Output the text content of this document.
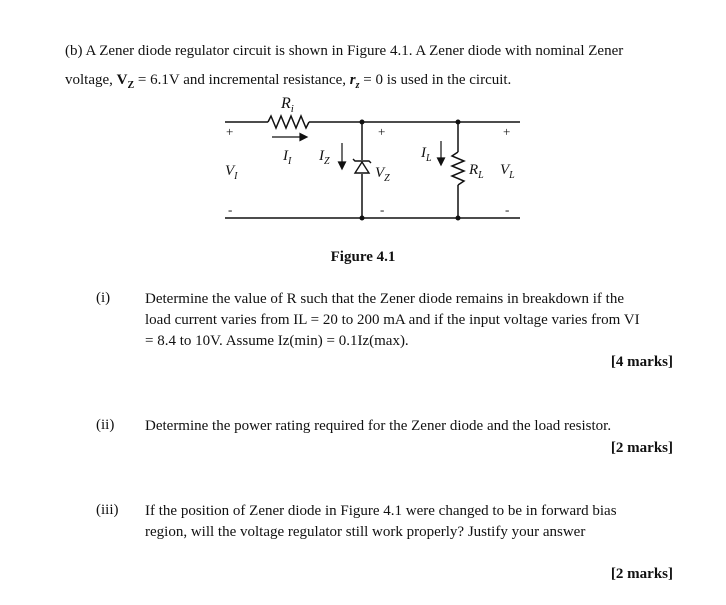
(b) A Zener diode regulator circuit is shown in Figure 4.1. A Zener diode with nominal Zener
voltage, $V_Z = 6.1V$ and incremental resistance, $r_z = 0$ is used in the circuit.
$R_i$
$I_I$ $I_Z$
$I_L$
$V_I$	$V_Z$
$R_L$ $V_L$
+	+	+
-	-	-
Figure 4.1
(i) Determine the value of R such that the Zener diode remains in breakdown if the
load current varies from IL = 20 to 200 mA and if the input voltage varies from VI
= 8.4 to 10V. Assume Iz(min) = 0.1Iz(max).
[4 marks]
(ii) Determine the power rating required for the Zener diode and the load resistor.
[2 marks]
(iii) If the position of Zener diode in Figure 4.1 were changed to be in forward bias
region, will the voltage regulator still work properly? Justify your answer
[2 marks]
